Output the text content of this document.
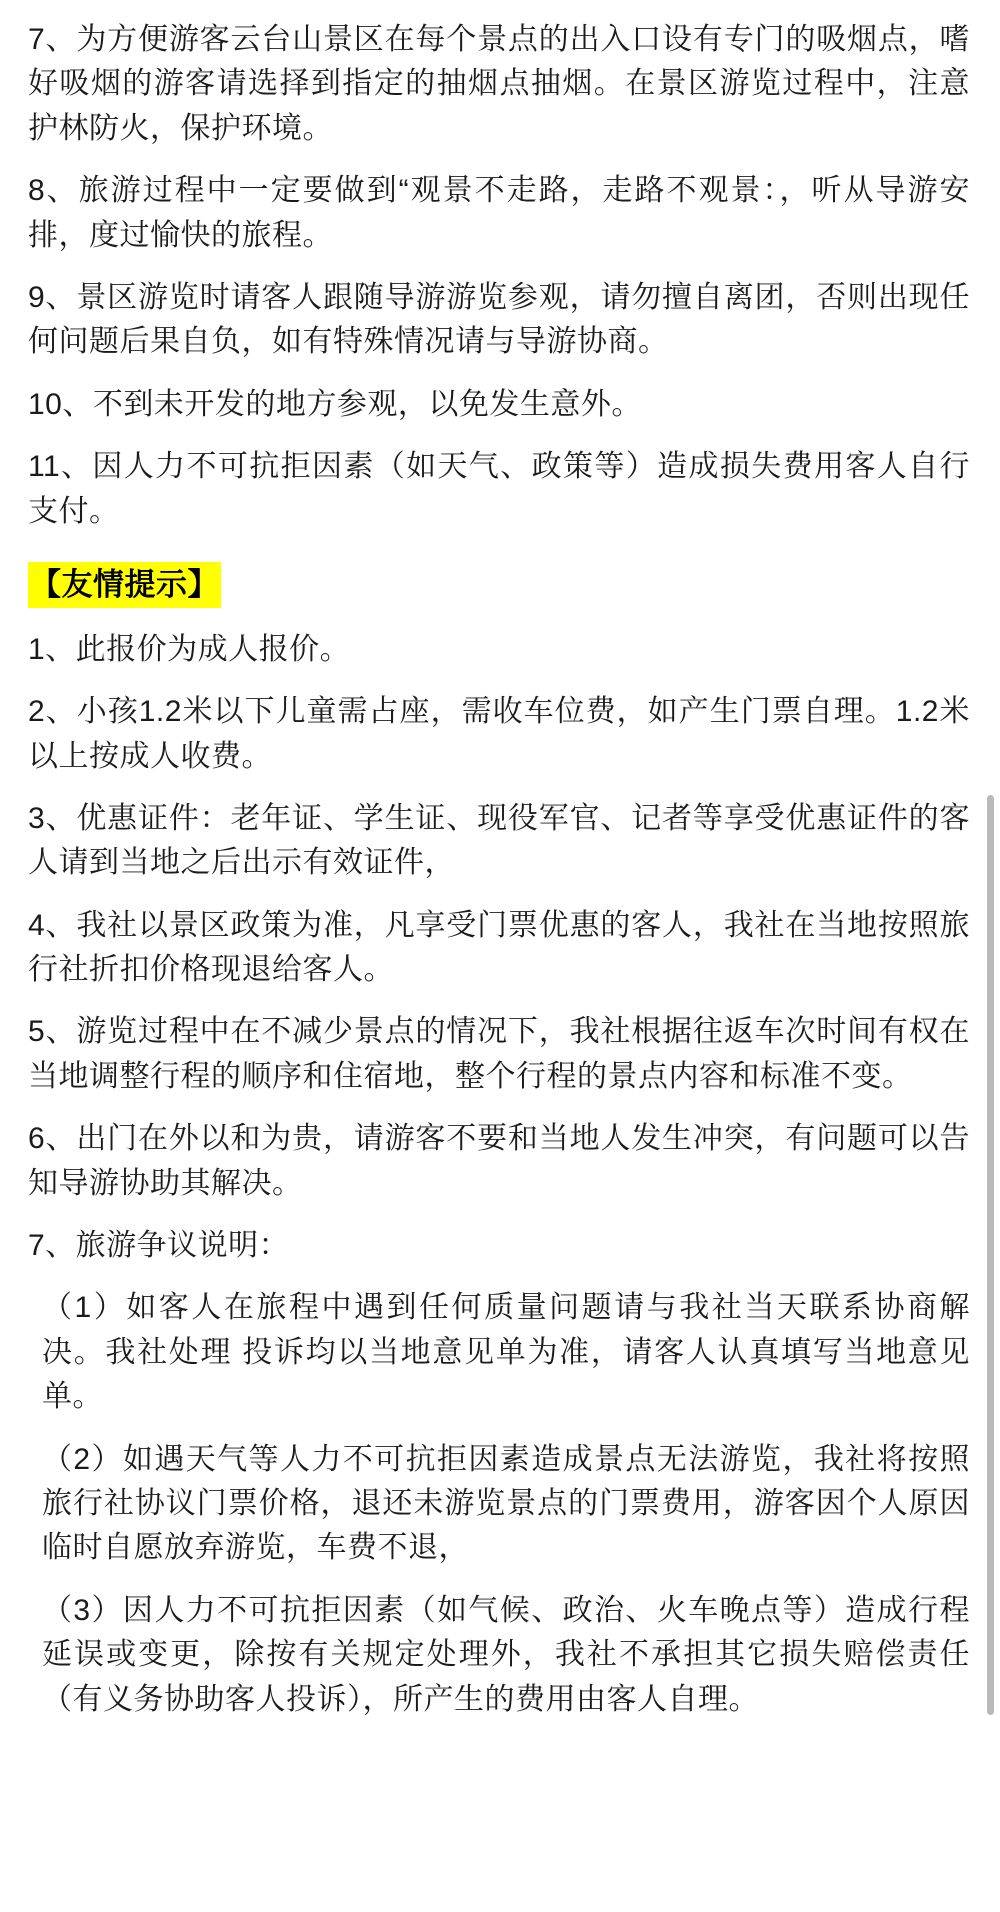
7、为方便游客云台山景区在每个景点的出入口设有专门的吸烟点，嗜好吸烟的游客请选择到指定的抽烟点抽烟。在景区游览过程中，注意护林防火，保护环境。

8、旅游过程中一定要做到“观景不走路，走路不观景：，听从导游安排，度过愉快的旅程。

9、景区游览时请客人跟随导游游览参观，请勿擅自离团，否则出现任何问题后果自负，如有特殊情况请与导游协商。

10、不到未开发的地方参观，以免发生意外。

11、因人力不可抗拒因素（如天气、政策等）造成损失费用客人自行支付。

【友情提示】

1、此报价为成人报价。

2、小孩1.2米以下儿童需占座，需收车位费，如产生门票自理。1.2米以上按成人收费。

3、优惠证件：老年证、学生证、现役军官、记者等享受优惠证件的客人请到当地之后出示有效证件，

4、我社以景区政策为准，凡享受门票优惠的客人，我社在当地按照旅行社折扣价格现退给客人。

5、游览过程中在不减少景点的情况下，我社根据往返车次时间有权在当地调整行程的顺序和住宿地，整个行程的景点内容和标准不变。

6、出门在外以和为贵，请游客不要和当地人发生冲突，有问题可以告知导游协助其解决。

7、旅游争议说明：

（1）如客人在旅程中遇到任何质量问题请与我社当天联系协商解决。我社处理 投诉均以当地意见单为准，请客人认真填写当地意见单。

（2）如遇天气等人力不可抗拒因素造成景点无法游览，我社将按照旅行社协议门票价格，退还未游览景点的门票费用，游客因个人原因临时自愿放弃游览，车费不退，

（3）因人力不可抗拒因素（如气候、政治、火车晚点等）造成行程延误或变更，除按有关规定处理外，我社不承担其它损失赔偿责任（有义务协助客人投诉），所产生的费用由客人自理。
